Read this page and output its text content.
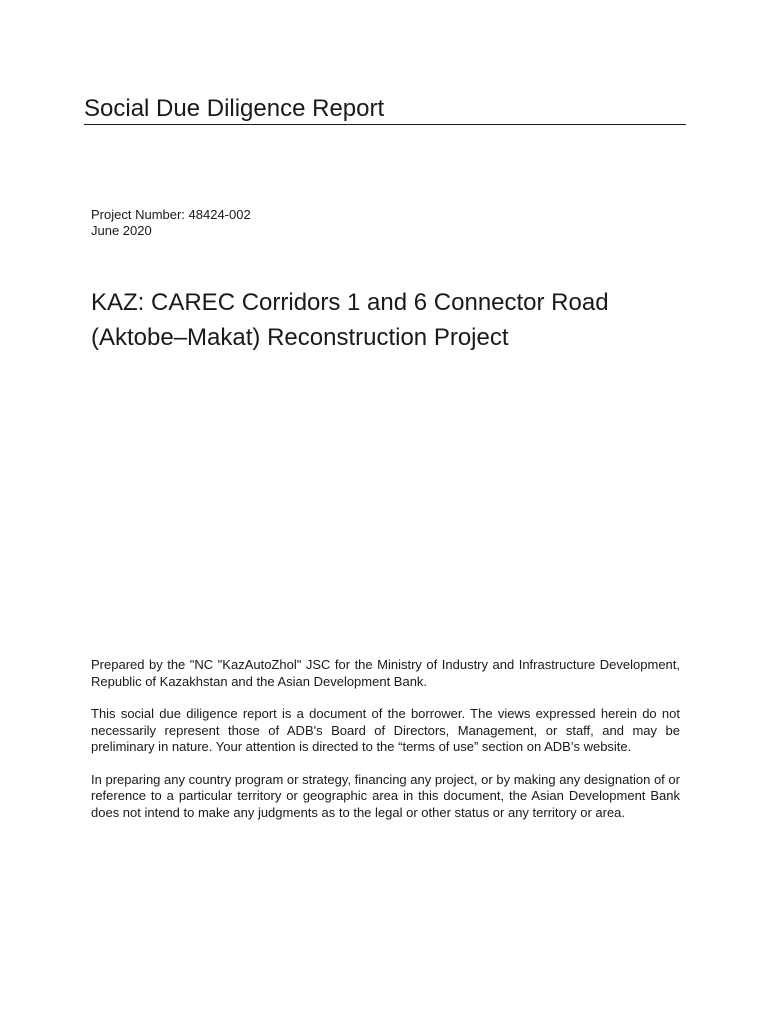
Social Due Diligence Report
Project Number: 48424-002
June 2020
KAZ: CAREC Corridors 1 and 6 Connector Road
(Aktobe–Makat) Reconstruction Project

Prepared by the "NC "KazAutoZhol" JSC for the Ministry of Industry and Infrastructure Development, Republic of Kazakhstan and the Asian Development Bank.

This social due diligence report is a document of the borrower. The views expressed herein do not necessarily represent those of ADB's Board of Directors, Management, or staff, and may be preliminary in nature. Your attention is directed to the “terms of use” section on ADB’s website.

In preparing any country program or strategy, financing any project, or by making any designation of or reference to a particular territory or geographic area in this document, the Asian Development Bank does not intend to make any judgments as to the legal or other status or any territory or area.
